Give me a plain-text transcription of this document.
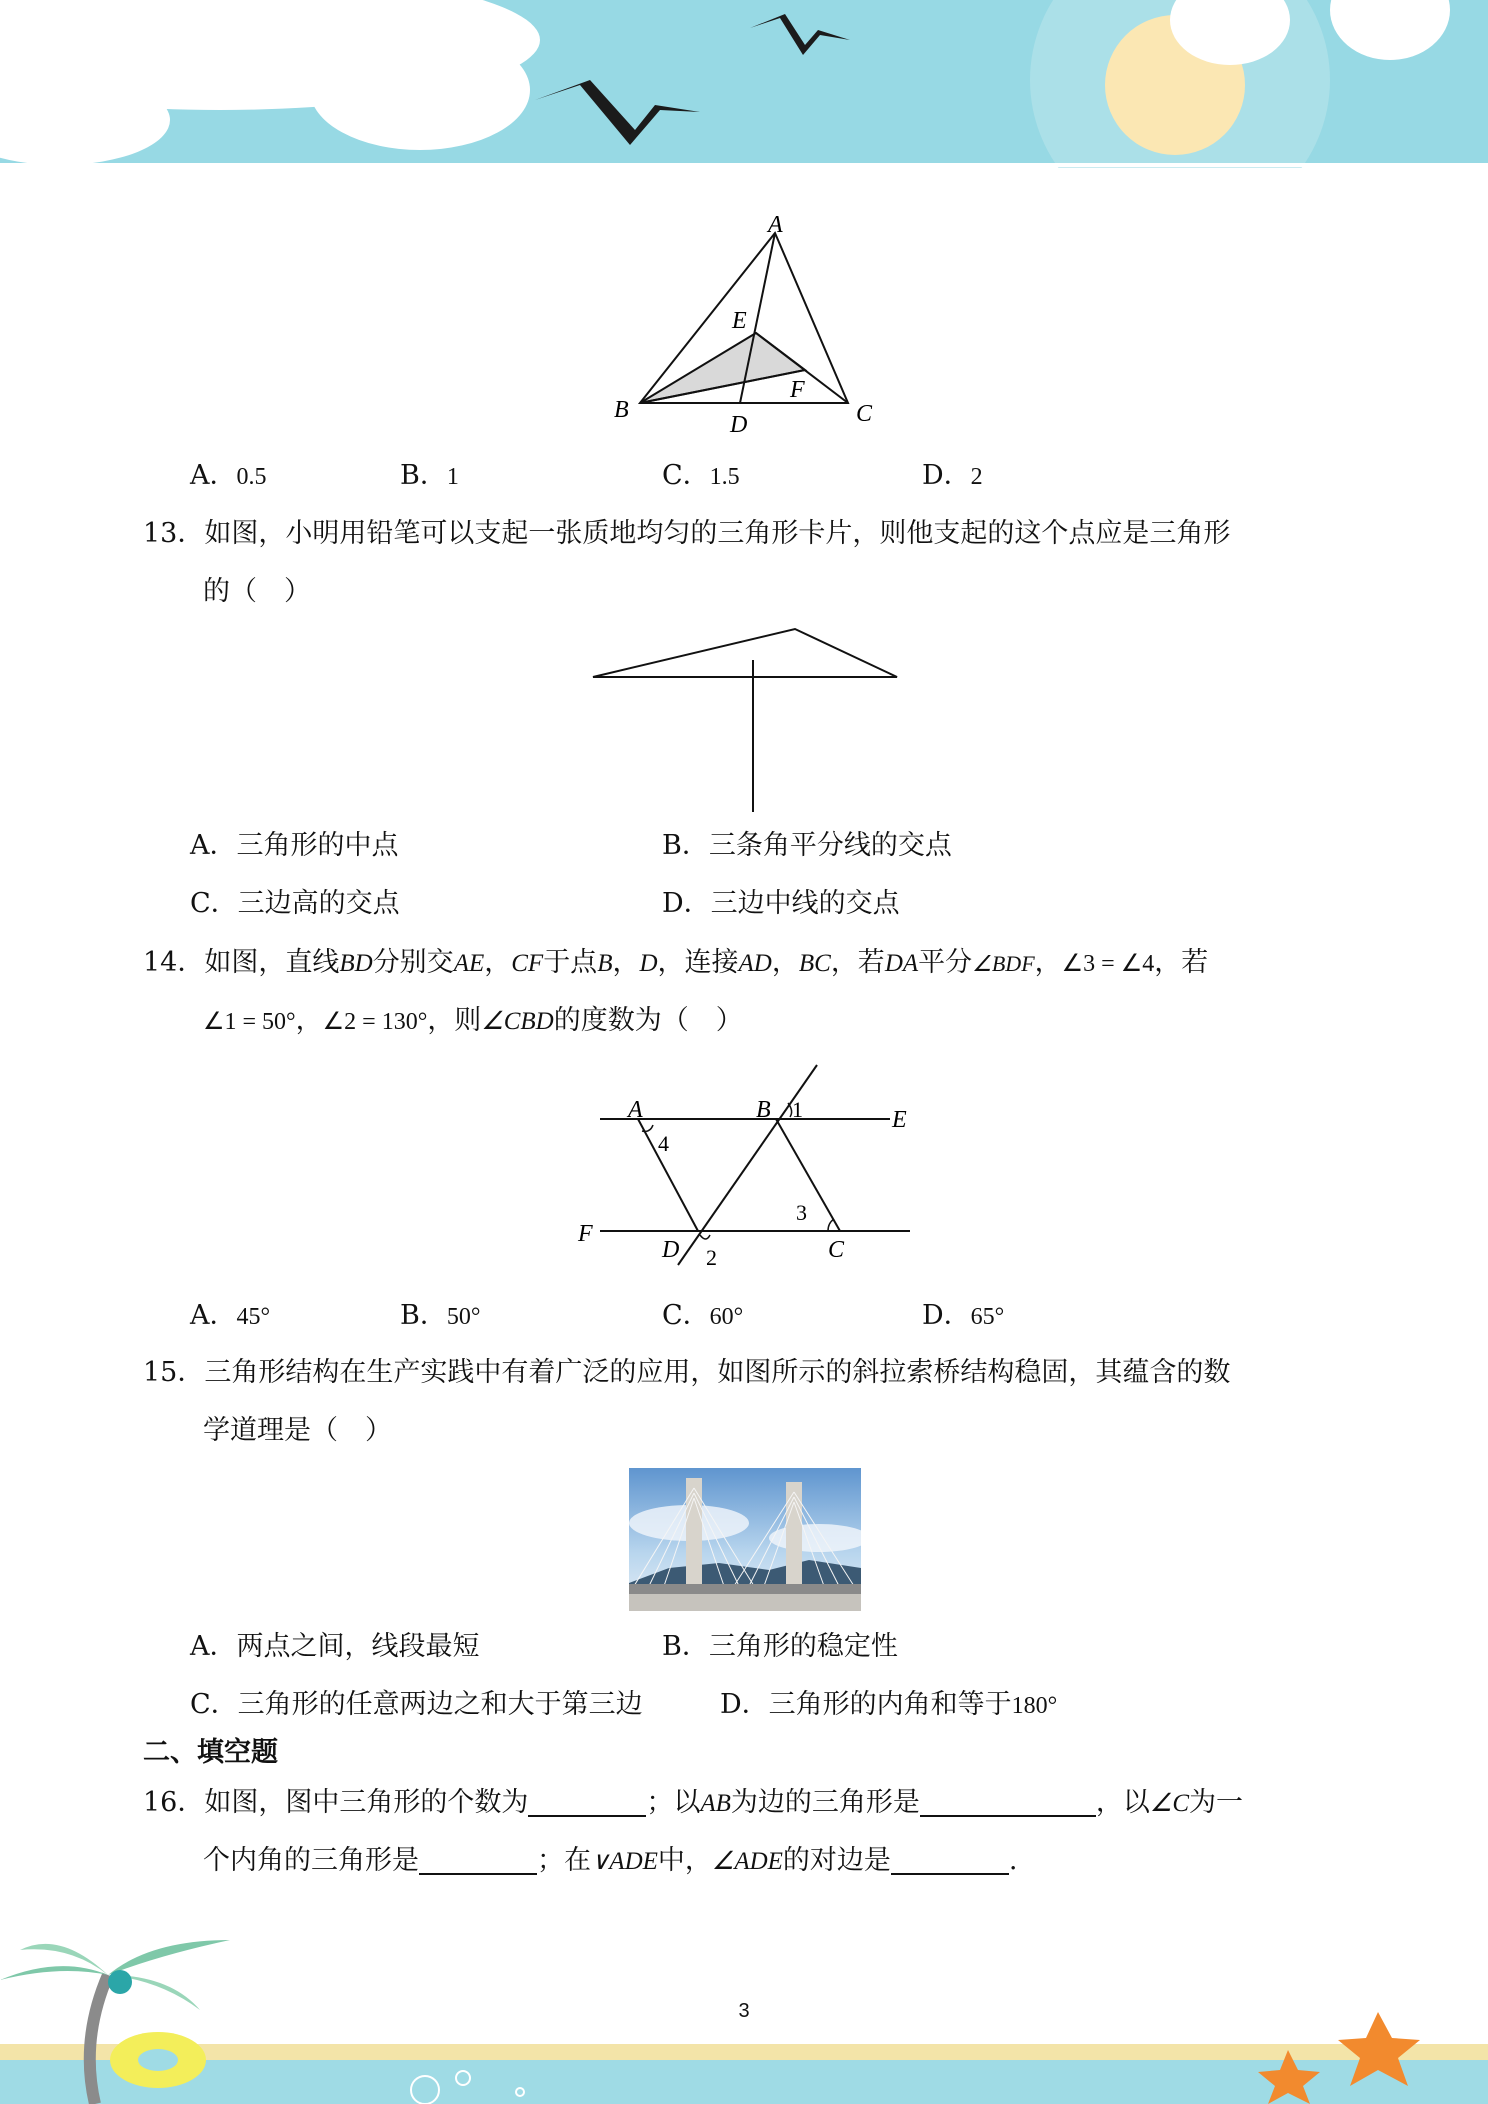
A
E
F
B
D	C
A．0.5	B．1	C．1.5	D．2
13．如图，小明用铅笔可以支起一张质地均匀的三角形卡片，则他支起的这个点应是三角形
的（　）
A．三角形的中点	B．三条角平分线的交点
C．三边高的交点	D．三边中线的交点
14．如图，直线BD分别交AE，CF于点B，D，连接AD，BC，若DA平分∠BDF，∠3 = ∠4，若
∠1 = 50°，∠2 = 130°，则∠CBD的度数为（　）
A	B 1	E
4
3
F
D 2	C
A．45°	B．50°	C．60°	D．65°
15．三角形结构在生产实践中有着广泛的应用，如图所示的斜拉索桥结构稳固，其蕴含的数
学道理是（　）
A．两点之间，线段最短	B．三角形的稳定性
C．三角形的任意两边之和大于第三边	D．三角形的内角和等于180°
二、填空题
16．如图，图中三角形的个数为	；以AB为边的三角形是	，以∠C为一
个内角的三角形是	；在∨ADE中，∠ADE的对边是	.
3
